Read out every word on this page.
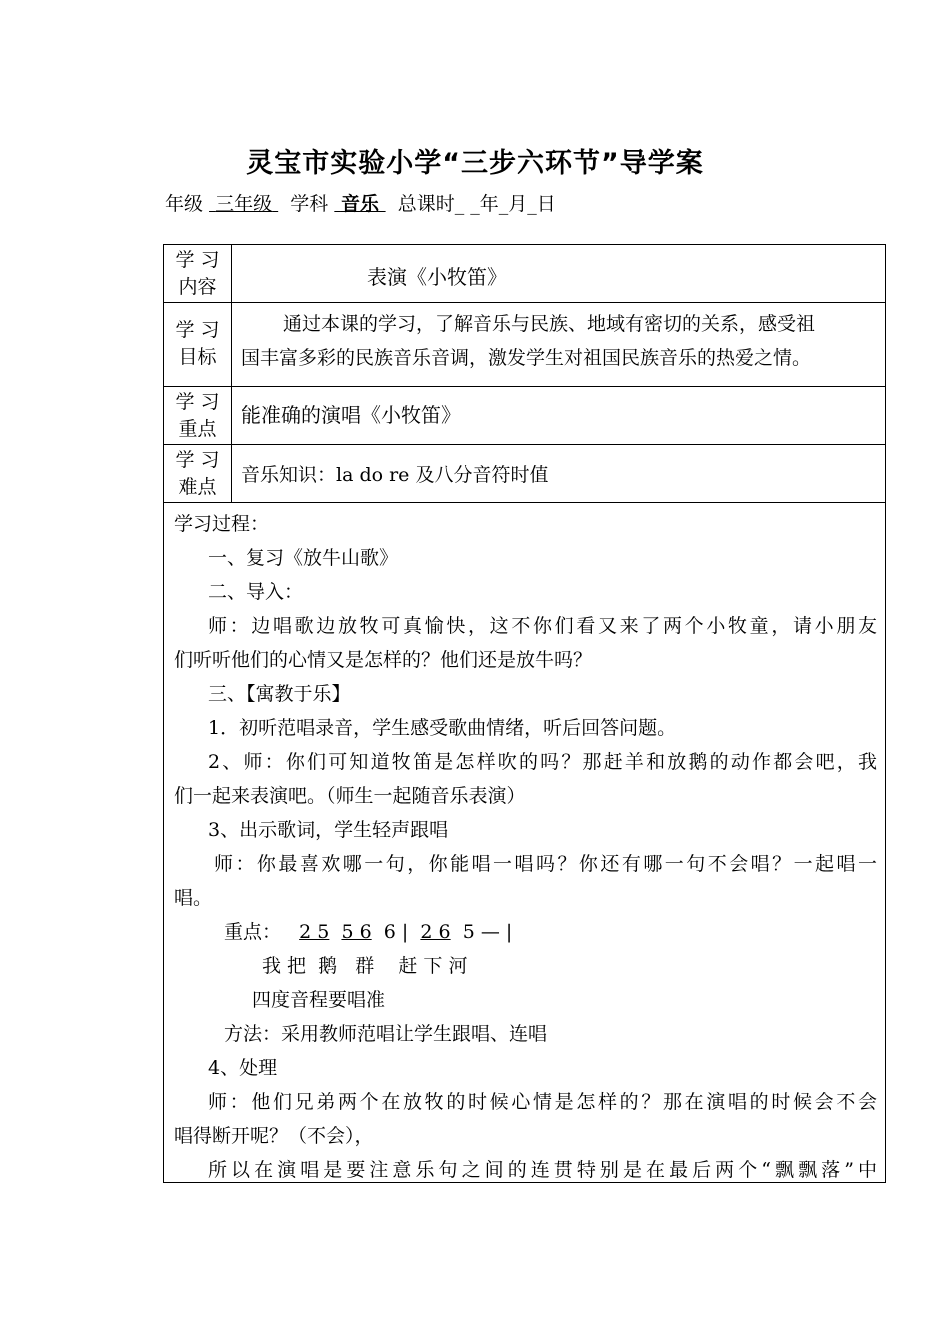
灵宝市实验小学“三步六环节”导学案
年级 三年级 学科 音乐 总课时_ _年_月_日
学 习
内容	表演《小牧笛》
学 习
目标
通过本课的学习，了解音乐与民族、地域有密切的关系，感受祖
国丰富多彩的民族音乐音调，激发学生对祖国民族音乐的热爱之情。
学 习
重点
能准确的演唱《小牧笛》
学 习
难点
音乐知识：la do re 及八分音符时值
学习过程：
一、复习《放牛山歌》
二、导入：
师：边唱歌边放牧可真愉快，这不你们看又来了两个小牧童，请小朋友
们听听他们的心情又是怎样的？他们还是放牛吗？
三、【寓教于乐】
1．初听范唱录音，学生感受歌曲情绪，听后回答问题。
2、师：你们可知道牧笛是怎样吹的吗？那赶羊和放鹅的动作都会吧，我
们一起来表演吧。（师生一起随音乐表演）
3、出示歌词，学生轻声跟唱
师：你最喜欢哪一句，你能唱一唱吗？你还有哪一句不会唱？一起唱一
唱。
重点： 2 5 5 6 6 | 2 6 5 — |
我 把  鹅   群    赶 下 河
四度音程要唱准
方法：采用教师范唱让学生跟唱、连唱
4、处理
师：他们兄弟两个在放牧的时候心情是怎样的？那在演唱的时候会不会
唱得断开呢？（不会），
所以在演唱是要注意乐句之间的连贯特别是在最后两个“飘飘落”中
